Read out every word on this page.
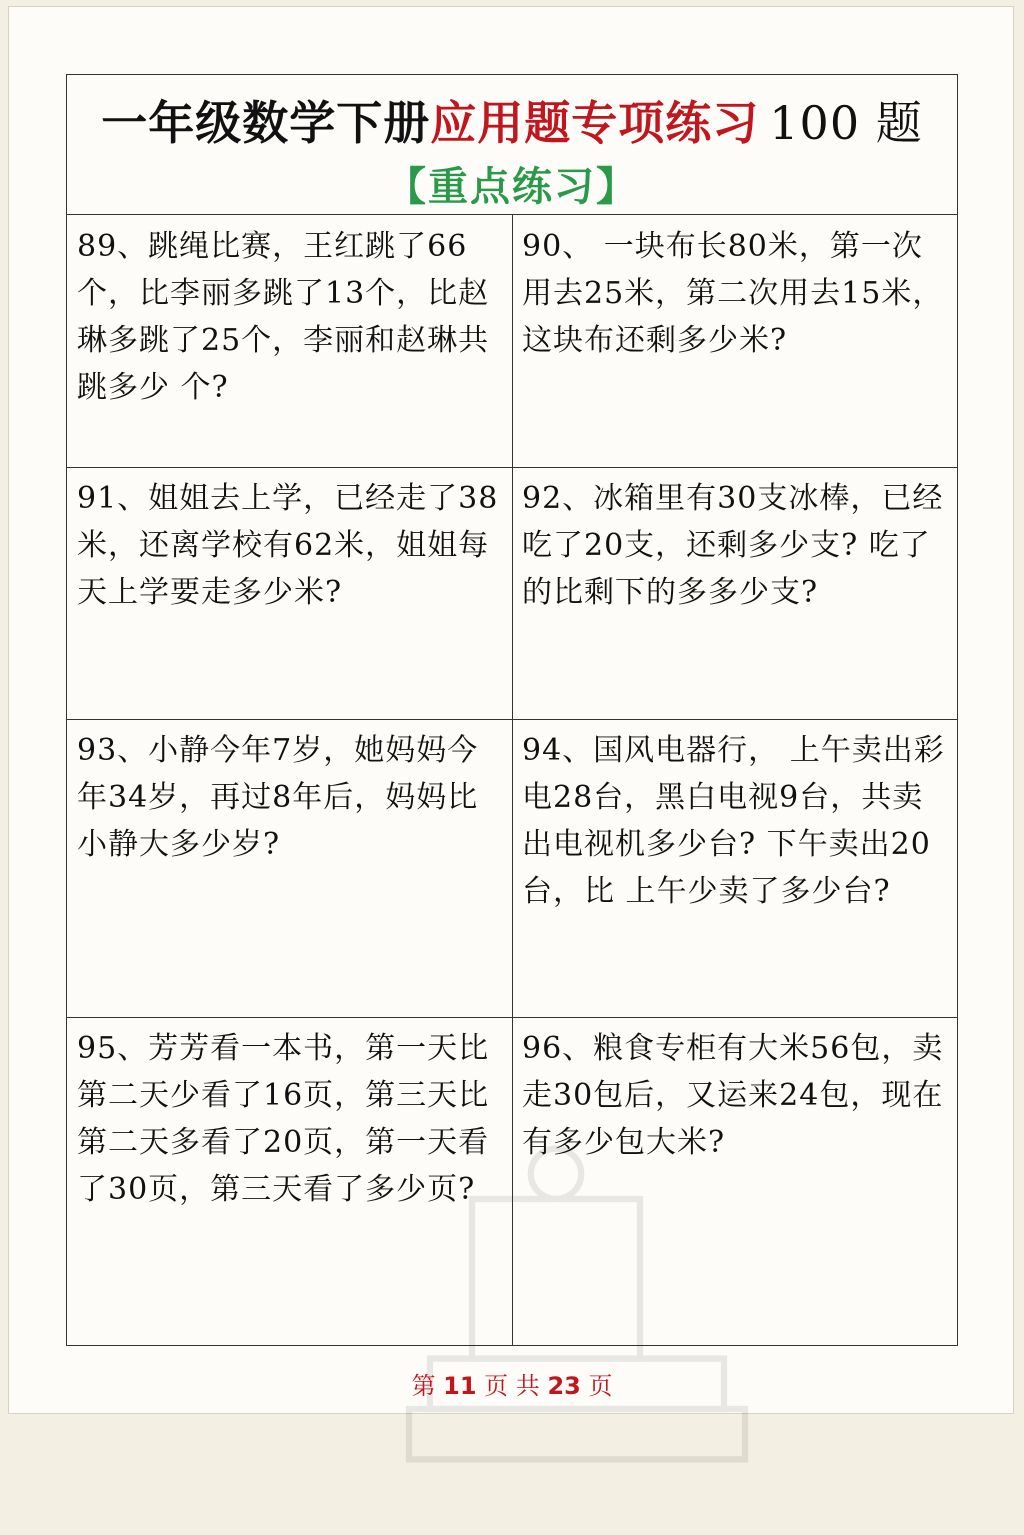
一年级数学下册应用题专项练习 100 题
【重点练习】
89、跳绳比赛，王红跳了66个，比李丽多跳了13个，比赵琳多跳了25个，李丽和赵琳共跳多少 个?
90、 一块布长80米，第一次用去25米，第二次用去15米，这块布还剩多少米?
91、姐姐去上学，已经走了38米，还离学校有62米，姐姐每天上学要走多少米?
92、冰箱里有30支冰棒，已经吃了20支，还剩多少支? 吃了的比剩下的多多少支?
93、小静今年7岁，她妈妈今年34岁，再过8年后，妈妈比小静大多少岁?
94、国风电器行， 上午卖出彩电28台，黑白电视9台，共卖出电视机多少台? 下午卖出20台，比 上午少卖了多少台?
95、芳芳看一本书，第一天比第二天少看了16页，第三天比第二天多看了20页，第一天看了30页，第三天看了多少页?
96、粮食专柜有大米56包，卖走30包后，又运来24包，现在有多少包大米?
第 11 页 共 23 页
